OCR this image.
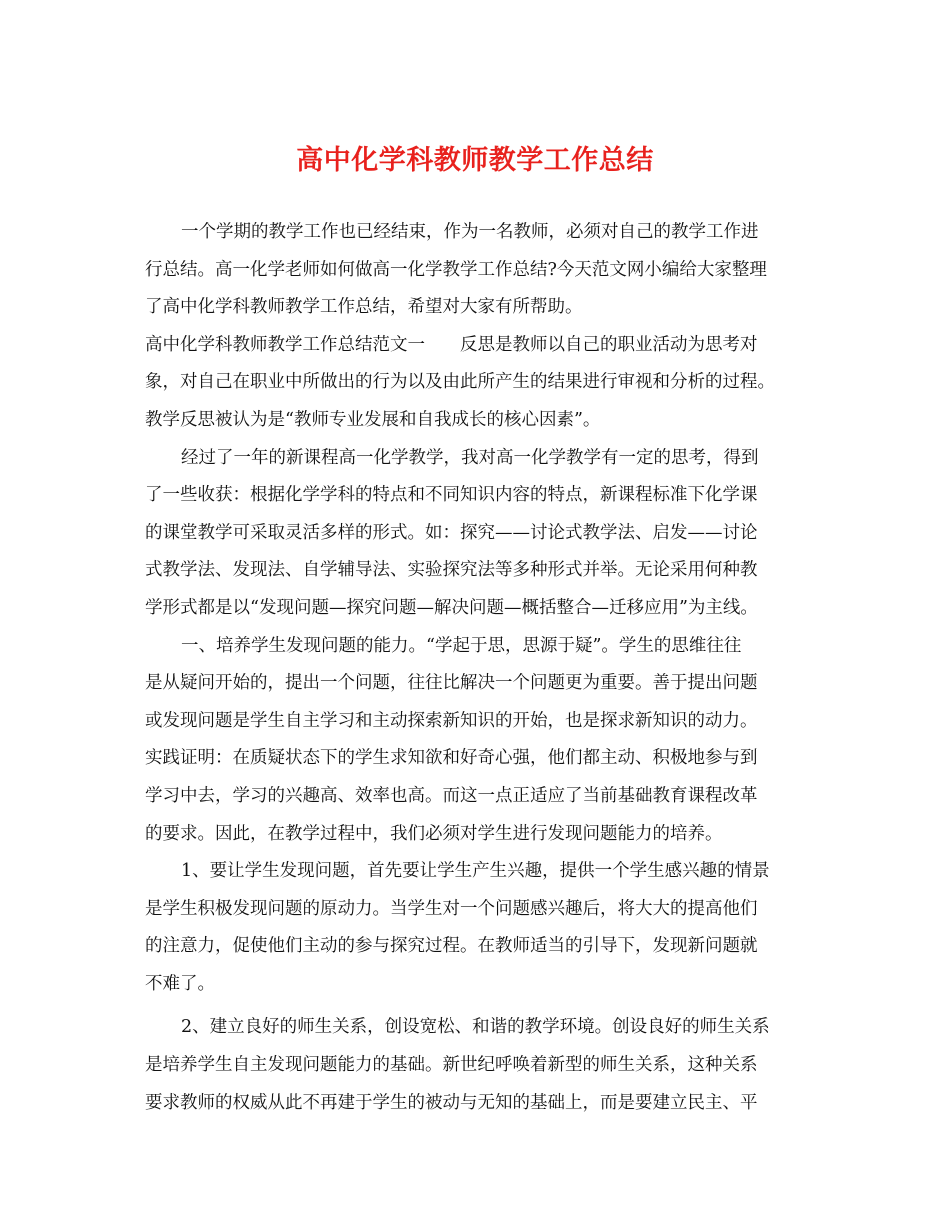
高中化学科教师教学工作总结
一个学期的教学工作也已经结束，作为一名教师，必须对自己的教学工作进
行总结。高一化学老师如何做高一化学教学工作总结?今天范文网小编给大家整理
了高中化学科教师教学工作总结，希望对大家有所帮助。
高中化学科教师教学工作总结范文一　　反思是教师以自己的职业活动为思考对
象，对自己在职业中所做出的行为以及由此所产生的结果进行审视和分析的过程。
教学反思被认为是“教师专业发展和自我成长的核心因素”。
经过了一年的新课程高一化学教学，我对高一化学教学有一定的思考，得到
了一些收获：根据化学学科的特点和不同知识内容的特点，新课程标准下化学课
的课堂教学可采取灵活多样的形式。如：探究——讨论式教学法、启发——讨论
式教学法、发现法、自学辅导法、实验探究法等多种形式并举。无论采用何种教
学形式都是以“发现问题—探究问题—解决问题—概括整合—迁移应用”为主线。
一、培养学生发现问题的能力。“学起于思，思源于疑”。学生的思维往往
是从疑问开始的，提出一个问题，往往比解决一个问题更为重要。善于提出问题
或发现问题是学生自主学习和主动探索新知识的开始，也是探求新知识的动力。
实践证明：在质疑状态下的学生求知欲和好奇心强，他们都主动、积极地参与到
学习中去，学习的兴趣高、效率也高。而这一点正适应了当前基础教育课程改革
的要求。因此，在教学过程中，我们必须对学生进行发现问题能力的培养。
1、要让学生发现问题，首先要让学生产生兴趣，提供一个学生感兴趣的情景
是学生积极发现问题的原动力。当学生对一个问题感兴趣后，将大大的提高他们
的注意力，促使他们主动的参与探究过程。在教师适当的引导下，发现新问题就
不难了。
2、建立良好的师生关系，创设宽松、和谐的教学环境。创设良好的师生关系
是培养学生自主发现问题能力的基础。新世纪呼唤着新型的师生关系，这种关系
要求教师的权威从此不再建于学生的被动与无知的基础上，而是要建立民主、平
